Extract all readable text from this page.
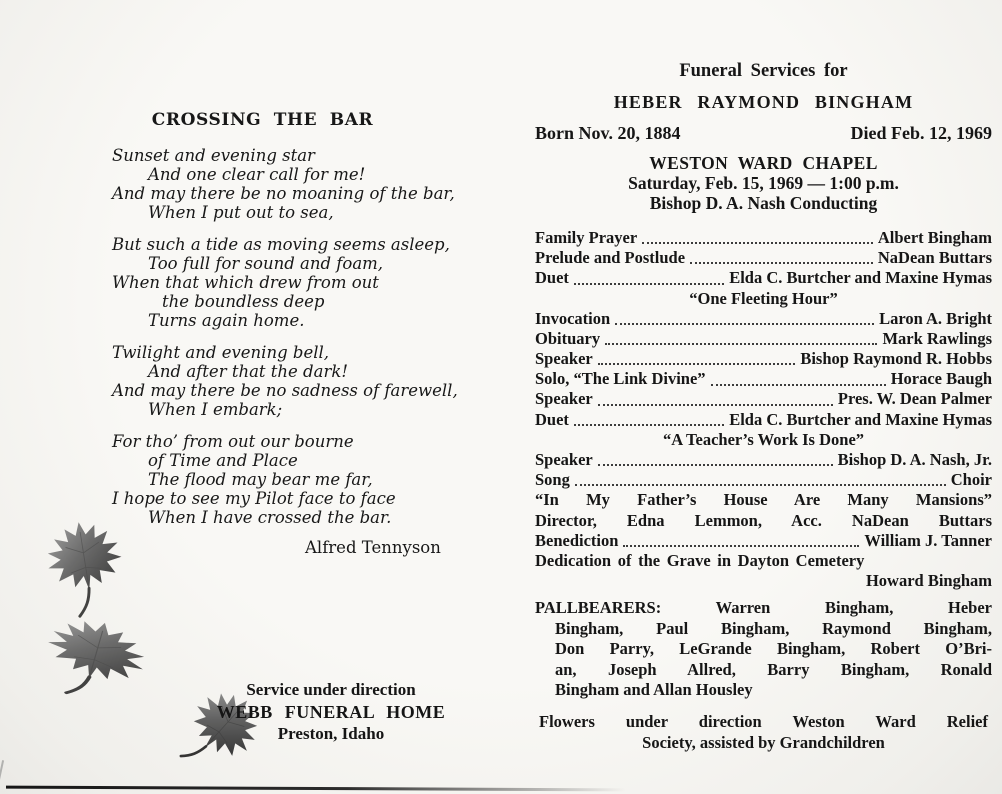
CROSSING THE BAR
Sunset and evening star
And one clear call for me!
And may there be no moaning of the bar,
When I put out to sea,
But such a tide as moving seems asleep,
Too full for sound and foam,
When that which drew from out
the boundless deep
Turns again home.
Twilight and evening bell,
And after that the dark!
And may there be no sadness of farewell,
When I embark;
For tho’ from out our bourne
of Time and Place
The flood may bear me far,
I hope to see my Pilot face to face
When I have crossed the bar.
Alfred Tennyson
Service under direction
WEBB FUNERAL HOME
Preston, Idaho
Funeral Services for
HEBER RAYMOND BINGHAM
Born Nov. 20, 1884	Died Feb. 12, 1969
WESTON WARD CHAPEL
Saturday, Feb. 15, 1969 — 1:00 p.m.
Bishop D. A. Nash Conducting
Family Prayer	Albert Bingham
Prelude and Postlude	NaDean Buttars
Duet	Elda C. Burtcher and Maxine Hymas
“One Fleeting Hour”
Invocation	Laron A. Bright
Obituary	Mark Rawlings
Speaker	Bishop Raymond R. Hobbs
Solo, “The Link Divine”	Horace Baugh
Speaker	Pres. W. Dean Palmer
Duet	Elda C. Burtcher and Maxine Hymas
“A Teacher’s Work Is Done”
Speaker	Bishop D. A. Nash, Jr.
Song	Choir
“In My Father’s House Are Many Mansions”
Director, Edna Lemmon, Acc. NaDean Buttars
Benediction	William J. Tanner
Dedication of the Grave in Dayton Cemetery
Howard Bingham
PALLBEARERS: Warren Bingham, Heber
Bingham, Paul Bingham, Raymond Bingham,
Don Parry, LeGrande Bingham, Robert O’Bri-
an, Joseph Allred, Barry Bingham, Ronald
Bingham and Allan Housley
Flowers under direction Weston Ward Relief
Society, assisted by Grandchildren
